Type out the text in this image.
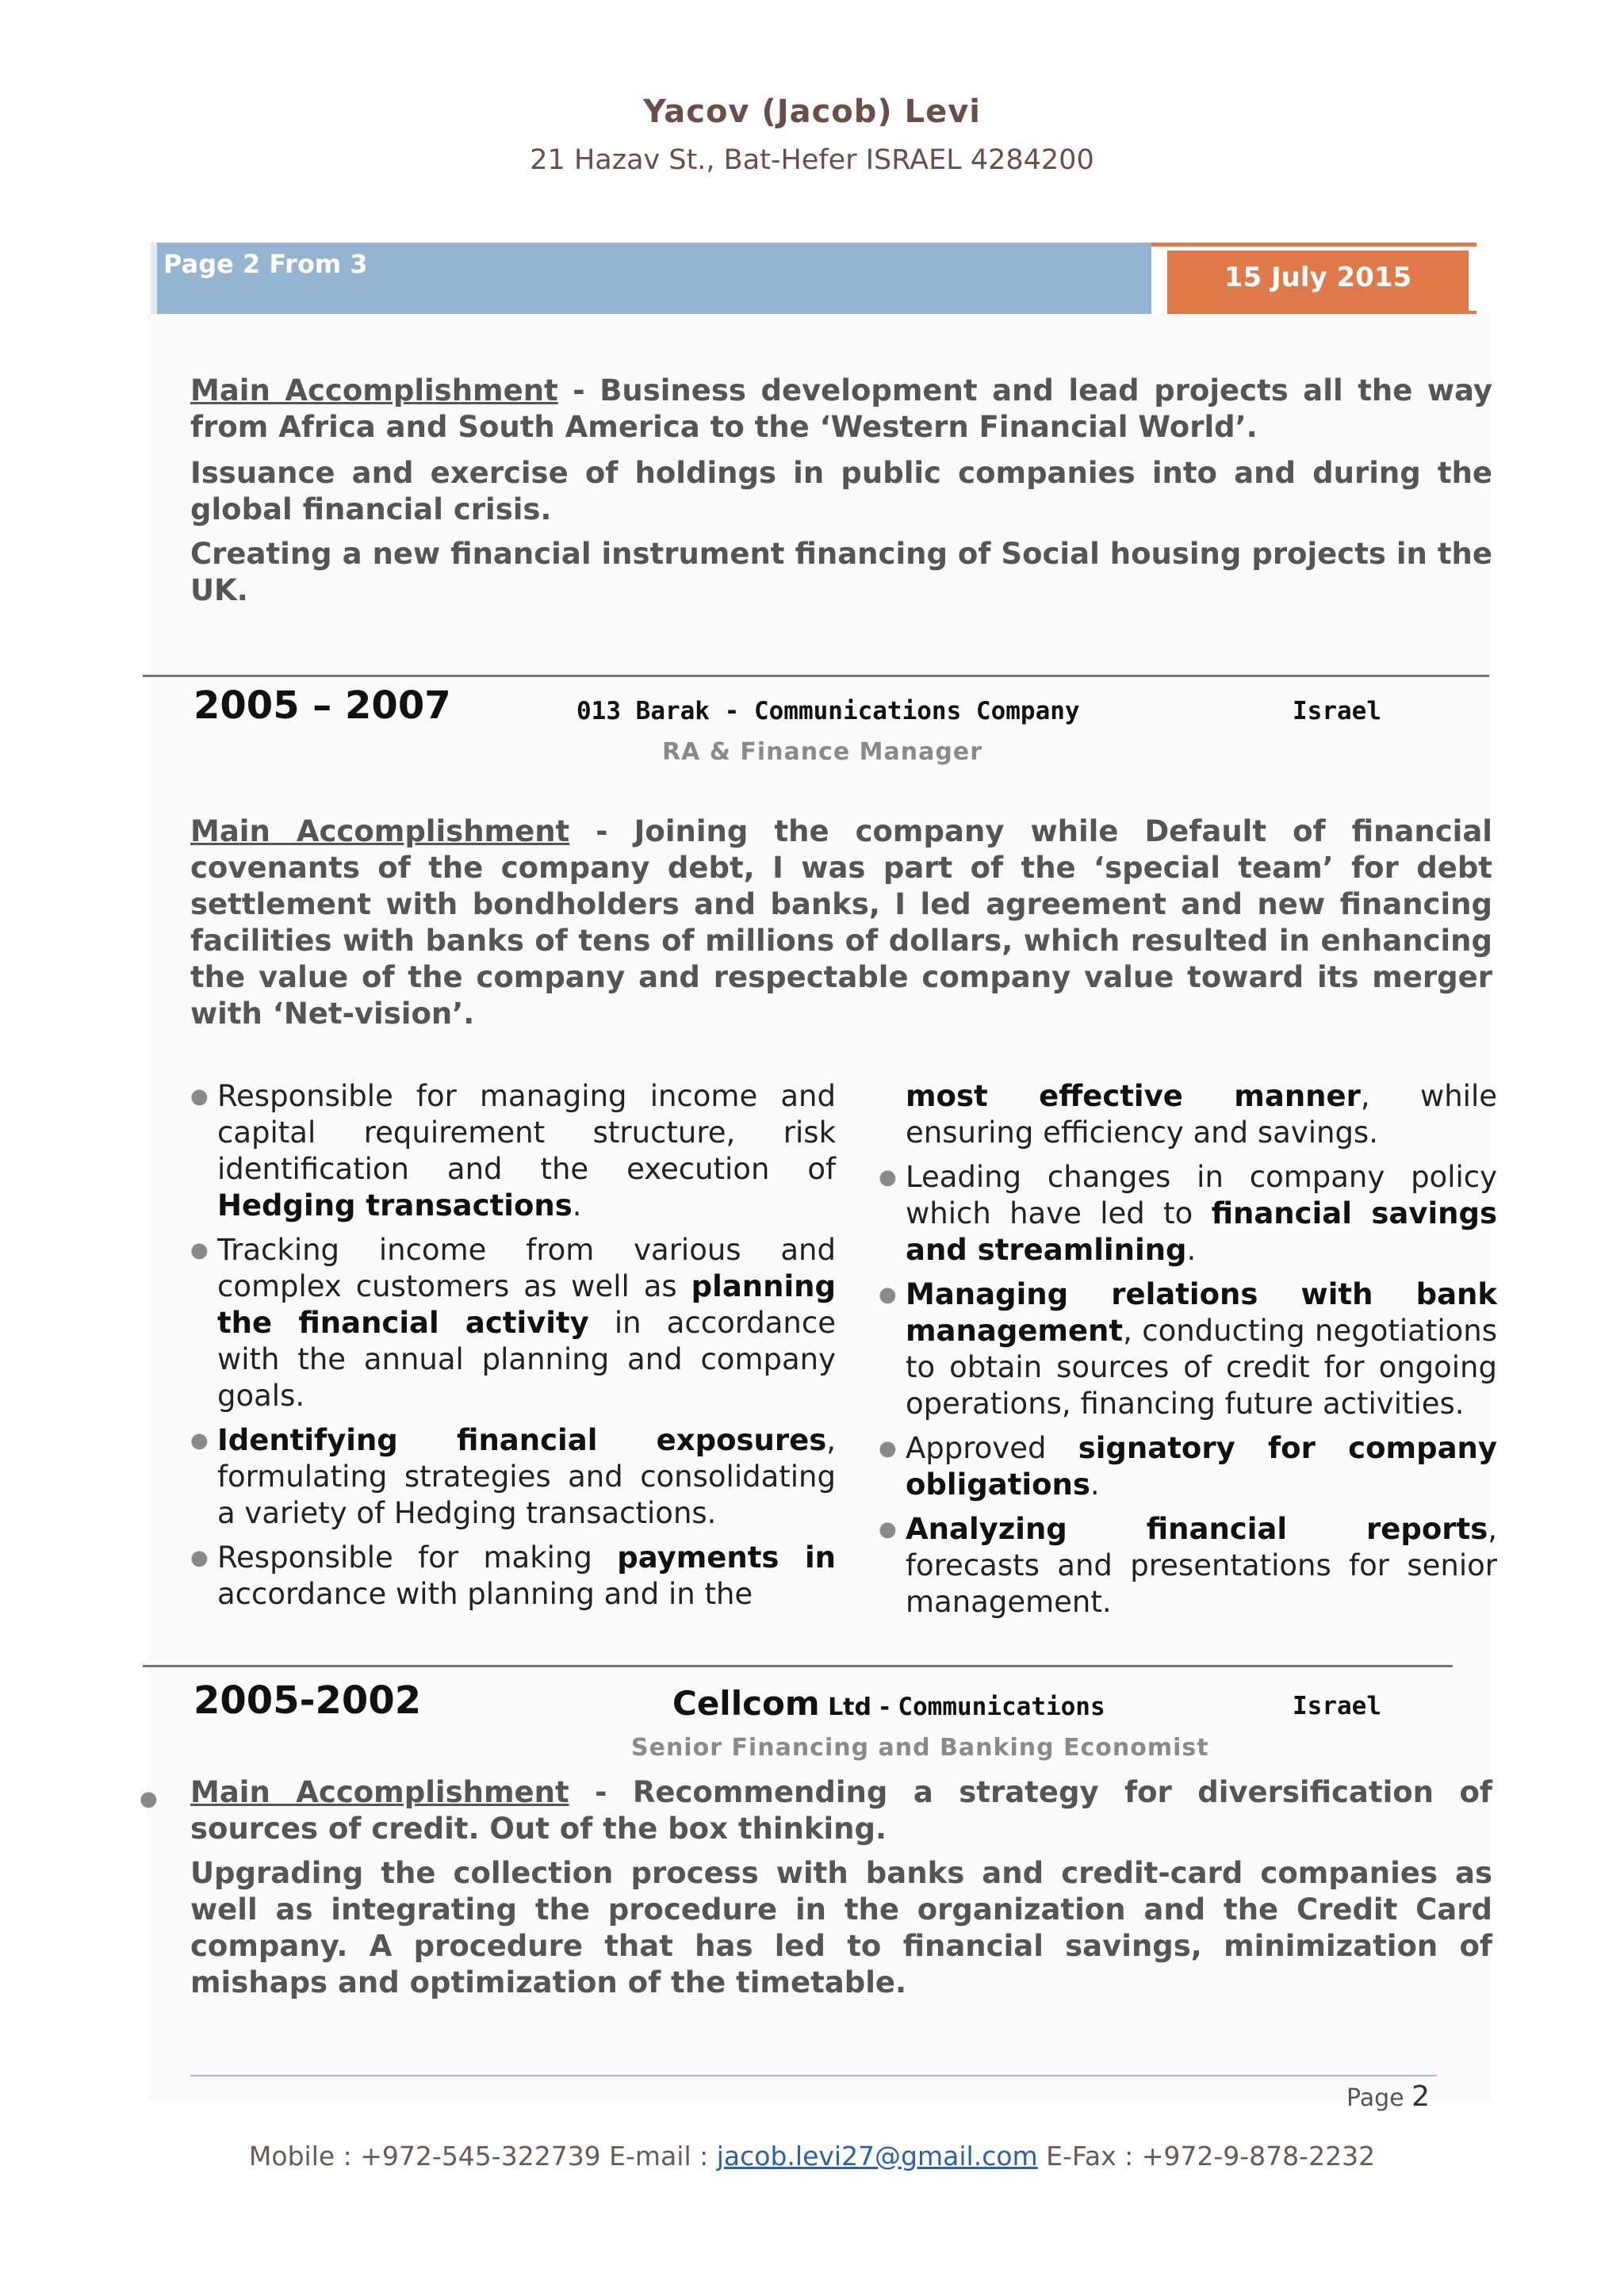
Yacov (Jacob) Levi
21 Hazav St., Bat-Hefer ISRAEL 4284200
Page 2 From 3	15 July 2015

Main Accomplishment - Business development and lead projects all the way from Africa and South America to the ‘Western Financial World’.

Issuance and exercise of holdings in public companies into and during the global financial crisis.

Creating a new financial instrument financing of Social housing projects in the UK.

2005 – 2007	013 Barak - Communications Company	Israel
RA & Finance Manager

Main Accomplishment - Joining the company while Default of financial covenants of the company debt, I was part of the ‘special team’ for debt settlement with bondholders and banks, I led agreement and new financing facilities with banks of tens of millions of dollars, which resulted in enhancing the value of the company and respectable company value toward its merger with ‘Net-vision’.

● Responsible for managing income and capital requirement structure, risk identification and the execution of Hedging transactions.
● Tracking income from various and complex customers as well as planning the financial activity in accordance with the annual planning and company goals.
● Identifying financial exposures, formulating strategies and consolidating a variety of Hedging transactions.
● Responsible for making payments in accordance with planning and in the
most effective manner, while ensuring efficiency and savings.
● Leading changes in company policy which have led to financial savings and streamlining.
● Managing relations with bank management, conducting negotiations to obtain sources of credit for ongoing operations, financing future activities.
● Approved signatory for company obligations.
● Analyzing financial reports, forecasts and presentations for senior management.
2005-2002	Cellcom Ltd - Communications	Israel
Senior Financing and Banking Economist
● Main Accomplishment - Recommending a strategy for diversification of sources of credit. Out of the box thinking.

Upgrading the collection process with banks and credit-card companies as well as integrating the procedure in the organization and the Credit Card company. A procedure that has led to financial savings, minimization of mishaps and optimization of the timetable.

Page 2
Mobile : +972-545-322739 E-mail : jacob.levi27@gmail.com E-Fax : +972-9-878-2232
